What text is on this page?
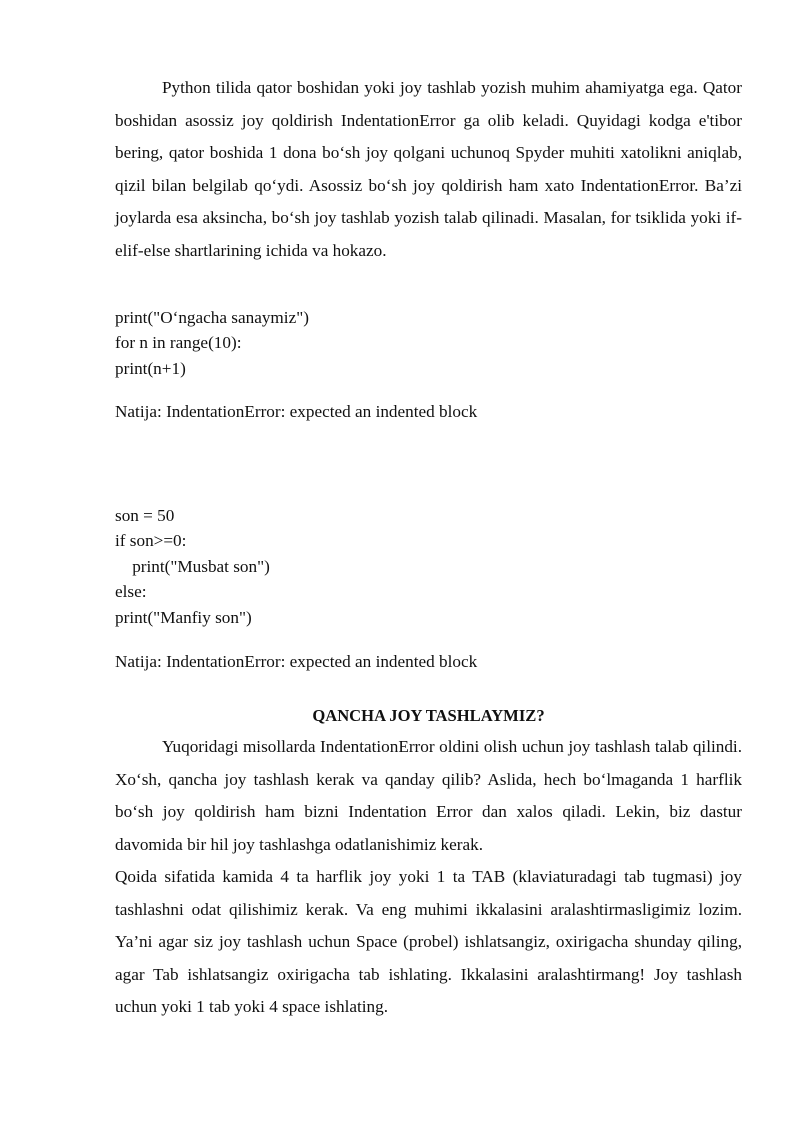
Python tilida qator boshidan yoki joy tashlab yozish muhim ahamiyatga ega. Qator boshidan asossiz joy qoldirish IndentationError ga olib keladi. Quyidagi kodga e'tibor bering, qator boshida 1 dona bo‘sh joy qolgani uchunoq Spyder muhiti xatolikni aniqlab, qizil bilan belgilab qo‘ydi. Asossiz bo‘sh joy qoldirish ham xato IndentationError. Ba’zi joylarda esa aksincha, bo‘sh joy tashlab yozish talab qilinadi. Masalan, for tsiklida yoki if-elif-else shartlarining ichida va hokazo.

print("O‘ngacha sanaymiz")
for n in range(10):
print(n+1)

Natija: IndentationError: expected an indented block

son = 50
if son>=0:
print("Musbat son")
else:
print("Manfiy son")

Natija: IndentationError: expected an indented block

QANCHA JOY TASHLAYMIZ?

Yuqoridagi misollarda IndentationError oldini olish uchun joy tashlash talab qilindi. Xo‘sh, qancha joy tashlash kerak va qanday qilib? Aslida, hech bo‘lmaganda 1 harflik bo‘sh joy qoldirish ham bizni Indentation Error dan xalos qiladi. Lekin, biz dastur davomida bir hil joy tashlashga odatlanishimiz kerak.

Qoida sifatida kamida 4 ta harflik joy yoki 1 ta TAB (klaviaturadagi tab tugmasi) joy tashlashni odat qilishimiz kerak. Va eng muhimi ikkalasini aralashtirmasligimiz lozim. Ya’ni agar siz joy tashlash uchun Space (probel) ishlatsangiz, oxirigacha shunday qiling, agar Tab ishlatsangiz oxirigacha tab ishlating. Ikkalasini aralashtirmang! Joy tashlash uchun yoki 1 tab yoki 4 space ishlating.
